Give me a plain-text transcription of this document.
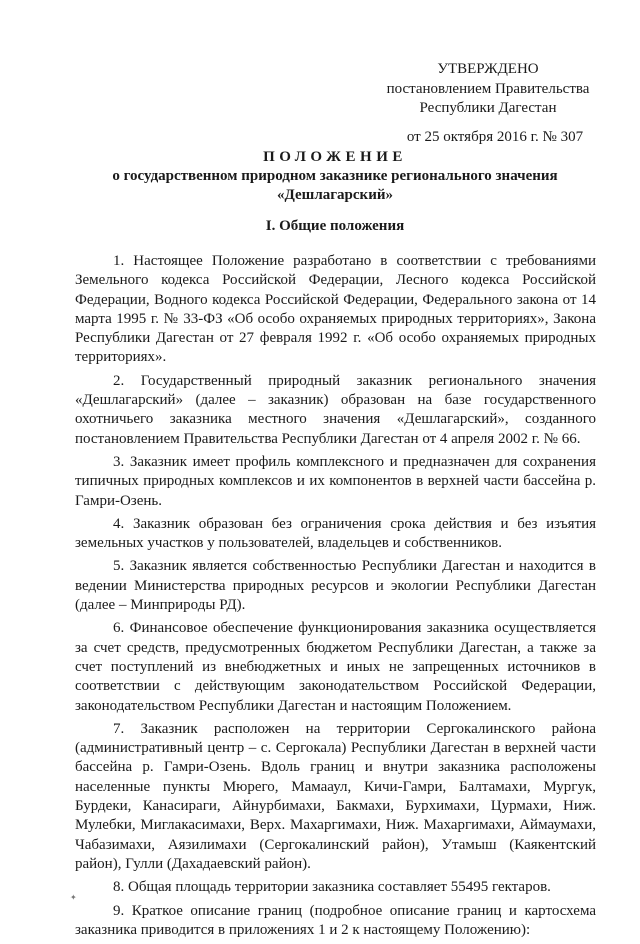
УТВЕРЖДЕНО
постановлением Правительства
Республики Дагестан
от 25 октября 2016 г. № 307
ПОЛОЖЕНИЕ
о государственном природном заказнике регионального значения
«Дешлагарский»
I. Общие положения

1. Настоящее Положение разработано в соответствии с требованиями Земельного кодекса Российской Федерации, Лесного кодекса Российской Федерации, Водного кодекса Российской Федерации, Федерального закона от 14 марта 1995 г. № 33-ФЗ «Об особо охраняемых природных территориях», Закона Республики Дагестан от 27 февраля 1992 г. «Об особо охраняемых природных территориях».

2. Государственный природный заказник регионального значения «Дешлагарский» (далее – заказник) образован на базе государственного охотничьего заказника местного значения «Дешлагарский», созданного постановлением Правительства Республики Дагестан от 4 апреля 2002 г. № 66.

3. Заказник имеет профиль комплексного и предназначен для сохранения типичных природных комплексов и их компонентов в верхней части бассейна р. Гамри-Озень.

4. Заказник образован без ограничения срока действия и без изъятия земельных участков у пользователей, владельцев и собственников.

5. Заказник является собственностью Республики Дагестан и находится в ведении Министерства природных ресурсов и экологии Республики Дагестан (далее – Минприроды РД).

6. Финансовое обеспечение функционирования заказника осуществляется за счет средств, предусмотренных бюджетом Республики Дагестан, а также за счет поступлений из внебюджетных и иных не запрещенных источников в соответствии с действующим законодательством Российской Федерации, законодательством Республики Дагестан и настоящим Положением.

7. Заказник расположен на территории Сергокалинского района (административный центр – с. Сергокала) Республики Дагестан в верхней части бассейна р. Гамри-Озень. Вдоль границ и внутри заказника расположены населенные пункты Мюрего, Мамааул, Кичи-Гамри, Балтамахи, Мургук, Бурдеки, Канасираги, Айнурбимахи, Бакмахи, Бурхимахи, Цурмахи, Ниж. Мулебки, Миглакасимахи, Верх. Махаргимахи, Ниж. Махаргимахи, Аймаумахи, Чабазимахи, Аязилимахи (Сергокалинский район), Утамыш (Каякентский район), Гулли (Дахадаевский район).

8. Общая площадь территории заказника составляет 55495 гектаров.

9. Краткое описание границ (подробное описание границ и картосхема заказника приводится в приложениях 1 и 2 к настоящему Положению):

✦
